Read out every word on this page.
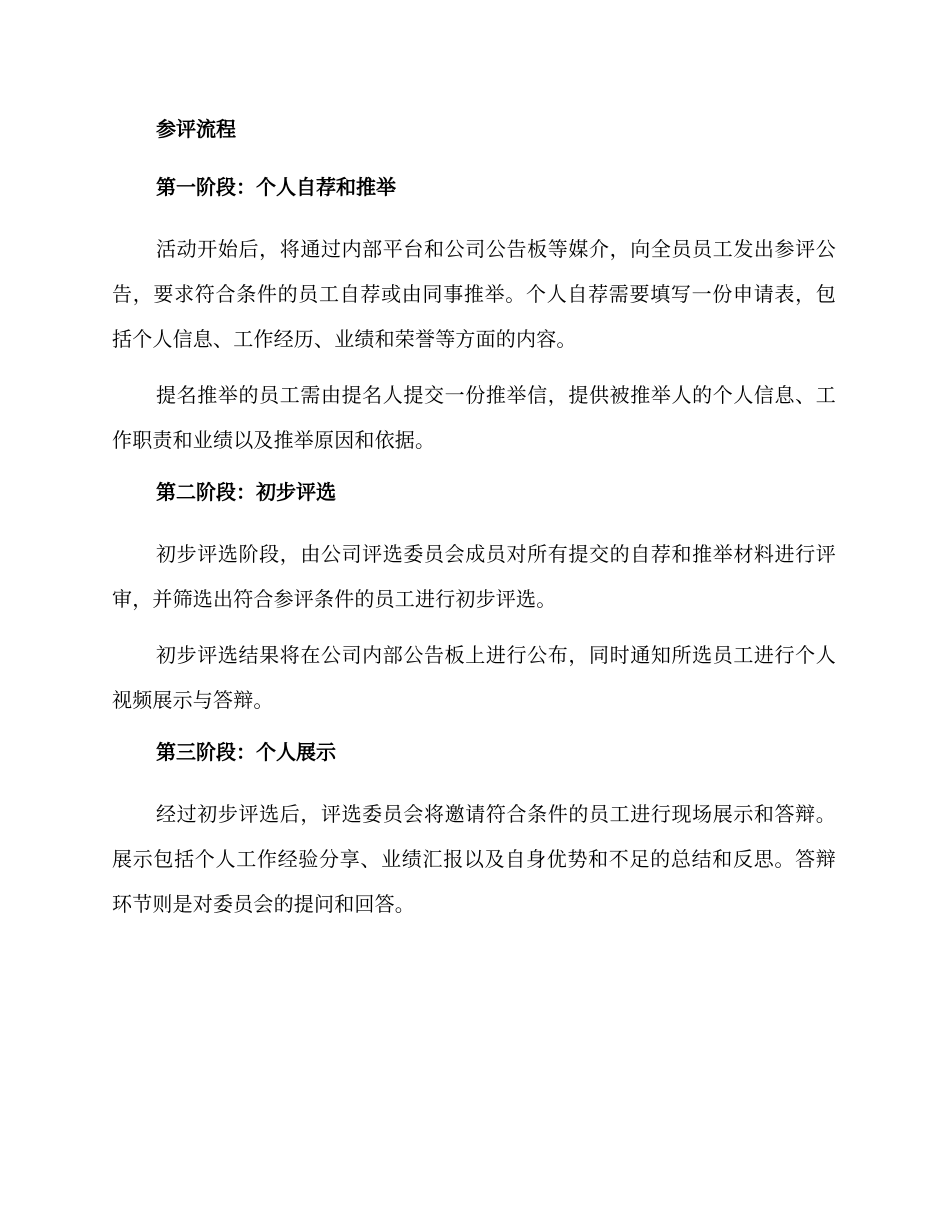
参评流程
第一阶段：个人自荐和推举

活动开始后，将通过内部平台和公司公告板等媒介，向全员员工发出参评公告，要求符合条件的员工自荐或由同事推举。个人自荐需要填写一份申请表，包括个人信息、工作经历、业绩和荣誉等方面的内容。

提名推举的员工需由提名人提交一份推举信，提供被推举人的个人信息、工作职责和业绩以及推举原因和依据。

第二阶段：初步评选

初步评选阶段，由公司评选委员会成员对所有提交的自荐和推举材料进行评审，并筛选出符合参评条件的员工进行初步评选。

初步评选结果将在公司内部公告板上进行公布，同时通知所选员工进行个人视频展示与答辩。

第三阶段：个人展示

经过初步评选后，评选委员会将邀请符合条件的员工进行现场展示和答辩。展示包括个人工作经验分享、业绩汇报以及自身优势和不足的总结和反思。答辩环节则是对委员会的提问和回答。
